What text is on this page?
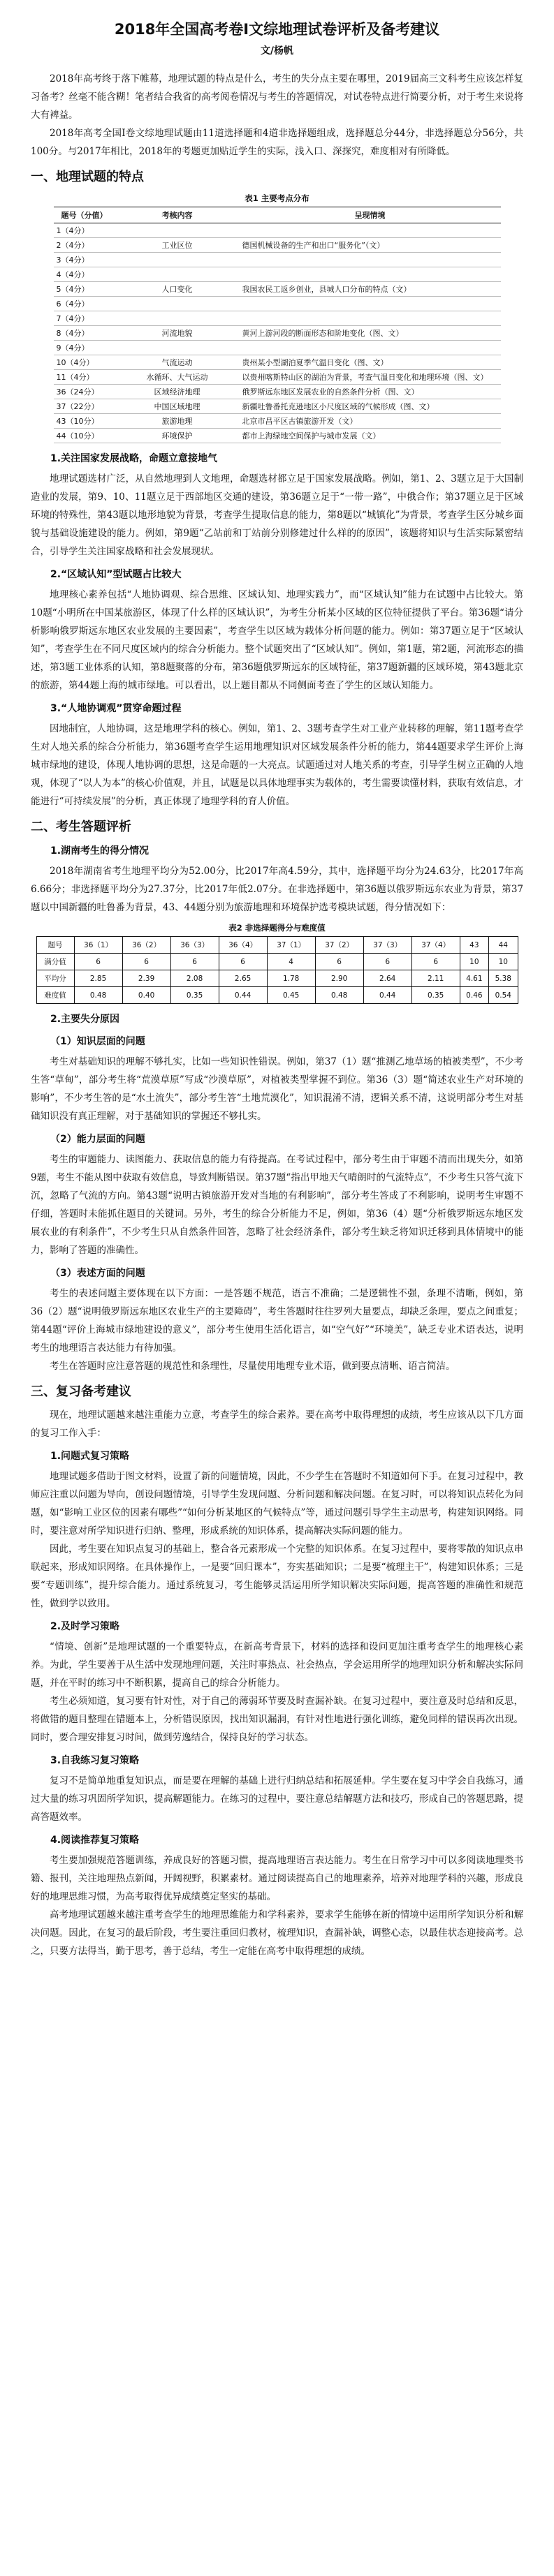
2018年全国高考卷Ⅰ文综地理试卷评析及备考建议
文/杨帆

2018年高考终于落下帷幕，地理试题的特点是什么，考生的失分点主要在哪里，2019届高三文科考生应该怎样复习备考？丝毫不能含糊！笔者结合我省的高考阅卷情况与考生的答题情况，对试卷特点进行简要分析，对于考生来说将大有裨益。

2018年高考全国Ⅰ卷文综地理试题由11道选择题和4道非选择题组成，选择题总分44分，非选择题总分56分，共100分。与2017年相比，2018年的考题更加贴近学生的实际，浅入口、深探究，难度相对有所降低。

一、地理试题的特点
表1 主要考点分布
题号（分值）	考核内容	呈现情境
1（4分）		
2（4分）	工业区位	德国机械设备的生产和出口“服务化”（文）
3（4分）		
4（4分）		
5（4分）	人口变化	我国农民工返乡创业，县城人口分布的特点（文）
6（4分）		
7（4分）		
8（4分）	河流地貌	黄河上游河段的断面形态和阶地变化（图、文）
9（4分）		
10（4分）	气流运动	贵州某小型湖泊夏季气温日变化（图、文）
11（4分）	水循环、大气运动	以贵州喀斯特山区的湖泊为背景，考查气温日变化和地理环境（图、文）
36（24分）	区域经济地理	俄罗斯远东地区发展农业的自然条件分析（图、文）
37（22分）	中国区域地理	新疆吐鲁番托克逊地区小尺度区域的气候形成（图、文）
43（10分）	旅游地理	北京市昌平区古镇旅游开发（文）
44（10分）	环境保护	都市上海绿地空间保护与城市发展（文）
1.关注国家发展战略，命题立意接地气

地理试题选材广泛，从自然地理到人文地理，命题选材都立足于国家发展战略。例如，第1、2、3题立足于大国制造业的发展，第9、10、11题立足于西部地区交通的建设，第36题立足于“一带一路”，中俄合作；第37题立足于区域环境的特殊性，第43题以地形地貌为背景，考查学生提取信息的能力，第8题以“城镇化”为背景，考查学生区分城乡面貌与基础设施建设的能力。例如，第9题“乙站前和丁站前分别修建过什么样的的原因”，该题将知识与生活实际紧密结合，引导学生关注国家战略和社会发展现状。

2.“区域认知”型试题占比较大

地理核心素养包括“人地协调观、综合思维、区域认知、地理实践力”，而“区域认知”能力在试题中占比较大。第10题“小明所在中国某旅游区，体现了什么样的区域认识”，为考生分析某小区域的区位特征提供了平台。第36题“请分析影响俄罗斯远东地区农业发展的主要因素”，考查学生以区域为载体分析问题的能力。例如：第37题立足于“区域认知”，考查学生在不同尺度区域内的综合分析能力。整个试题突出了“区域认知”。例如，第1题，第2题，河流形态的描述，第3题工业体系的认知，第8题聚落的分布，第36题俄罗斯远东的区域特征，第37题新疆的区域环境，第43题北京的旅游，第44题上海的城市绿地。可以看出，以上题目都从不同侧面考查了学生的区域认知能力。

3.“人地协调观”贯穿命题过程

因地制宜，人地协调，这是地理学科的核心。例如，第1、2、3题考查学生对工业产业转移的理解，第11题考查学生对人地关系的综合分析能力，第36题考查学生运用地理知识对区域发展条件分析的能力，第44题要求学生评价上海城市绿地的建设，体现人地协调的思想，这是命题的一大亮点。试题通过对人地关系的考查，引导学生树立正确的人地观，体现了“以人为本”的核心价值观，并且，试题是以具体地理事实为载体的，考生需要读懂材料，获取有效信息，才能进行“可持续发展”的分析，真正体现了地理学科的育人价值。

二、考生答题评析
1.湖南考生的得分情况

2018年湖南省考生地理平均分为52.00分，比2017年高4.59分，其中，选择题平均分为24.63分，比2017年高6.66分；非选择题平均分为27.37分，比2017年低2.07分。在非选择题中，第36题以俄罗斯远东农业为背景，第37题以中国新疆的吐鲁番为背景，43、44题分别为旅游地理和环境保护选考模块试题，得分情况如下：

表2 非选择题得分与难度值
题号	36（1）	36（2）	36（3）	36（4）	37（1）	37（2）	37（3）	37（4）	43	44
满分值	6	6	6	6	4	6	6	6	10	10
平均分	2.85	2.39	2.08	2.65	1.78	2.90	2.64	2.11	4.61	5.38
难度值	0.48	0.40	0.35	0.44	0.45	0.48	0.44	0.35	0.46	0.54
2.主要失分原因
（1）知识层面的问题

考生对基础知识的理解不够扎实，比如一些知识性错误。例如，第37（1）题“推测乙地草场的植被类型”，不少考生答“草甸”，部分考生将“荒漠草原”写成“沙漠草原”，对植被类型掌握不到位。第36（3）题“简述农业生产对环境的影响”，不少考生答的是“水土流失”，部分考生答“土地荒漠化”，知识混淆不清，逻辑关系不清，这说明部分考生对基础知识没有真正理解，对于基础知识的掌握还不够扎实。

（2）能力层面的问题

考生的审题能力、读图能力、获取信息的能力有待提高。在考试过程中，部分考生由于审题不清而出现失分，如第9题，考生不能从图中获取有效信息，导致判断错误。第37题“指出甲地天气晴朗时的气流特点”，不少考生只答气流下沉，忽略了气流的方向。第43题“说明古镇旅游开发对当地的有利影响”，部分考生答成了不利影响，说明考生审题不仔细，答题时未能抓住题目的关键词。另外，考生的综合分析能力不足，例如，第36（4）题“分析俄罗斯远东地区发展农业的有利条件”，不少考生只从自然条件回答，忽略了社会经济条件，部分考生缺乏将知识迁移到具体情境中的能力，影响了答题的准确性。

（3）表述方面的问题

考生的表述问题主要体现在以下方面：一是答题不规范，语言不准确；二是逻辑性不强，条理不清晰，例如，第36（2）题“说明俄罗斯远东地区农业生产的主要障碍”，考生答题时往往罗列大量要点，却缺乏条理，要点之间重复；第44题“评价上海城市绿地建设的意义”，部分考生使用生活化语言，如“空气好”“环境美”，缺乏专业术语表达，说明考生的地理语言表达能力有待加强。

考生在答题时应注意答题的规范性和条理性，尽量使用地理专业术语，做到要点清晰、语言简洁。

三、复习备考建议

现在，地理试题越来越注重能力立意，考查学生的综合素养。要在高考中取得理想的成绩，考生应该从以下几方面的复习工作入手：

1.问题式复习策略

地理试题多借助于图文材料，设置了新的问题情境，因此，不少学生在答题时不知道如何下手。在复习过程中，教师应注重以问题为导向，创设问题情境，引导学生发现问题、分析问题和解决问题。在复习时，可以将知识点转化为问题，如“影响工业区位的因素有哪些”“如何分析某地区的气候特点”等，通过问题引导学生主动思考，构建知识网络。同时，要注意对所学知识进行归纳、整理，形成系统的知识体系，提高解决实际问题的能力。

因此，考生要在知识点复习的基础上，整合各元素形成一个完整的知识体系。在复习过程中，要将零散的知识点串联起来，形成知识网络。在具体操作上，一是要“回归课本”，夯实基础知识；二是要“梳理主干”，构建知识体系；三是要“专题训练”，提升综合能力。通过系统复习，考生能够灵活运用所学知识解决实际问题，提高答题的准确性和规范性，做到学以致用。

2.及时学习策略

“情境、创新”是地理试题的一个重要特点，在新高考背景下，材料的选择和设问更加注重考查学生的地理核心素养。为此，学生要善于从生活中发现地理问题，关注时事热点、社会热点，学会运用所学的地理知识分析和解决实际问题，并在平时的练习中不断积累，提高自己的综合分析能力。

考生必须知道，复习要有针对性，对于自己的薄弱环节要及时查漏补缺。在复习过程中，要注意及时总结和反思，将做错的题目整理在错题本上，分析错误原因，找出知识漏洞，有针对性地进行强化训练，避免同样的错误再次出现。同时，要合理安排复习时间，做到劳逸结合，保持良好的学习状态。

3.自我练习复习策略

复习不是简单地重复知识点，而是要在理解的基础上进行归纳总结和拓展延伸。学生要在复习中学会自我练习，通过大量的练习巩固所学知识，提高解题能力。在练习的过程中，要注意总结解题方法和技巧，形成自己的答题思路，提高答题效率。

4.阅读推荐复习策略

考生要加强规范答题训练，养成良好的答题习惯，提高地理语言表达能力。考生在日常学习中可以多阅读地理类书籍、报刊，关注地理热点新闻，开阔视野，积累素材。通过阅读提高自己的地理素养，培养对地理学科的兴趣，形成良好的地理思维习惯，为高考取得优异成绩奠定坚实的基础。

高考地理试题越来越注重考查学生的地理思维能力和学科素养，要求学生能够在新的情境中运用所学知识分析和解决问题。因此，在复习的最后阶段，考生要注重回归教材，梳理知识，查漏补缺，调整心态，以最佳状态迎接高考。总之，只要方法得当，勤于思考，善于总结，考生一定能在高考中取得理想的成绩。
